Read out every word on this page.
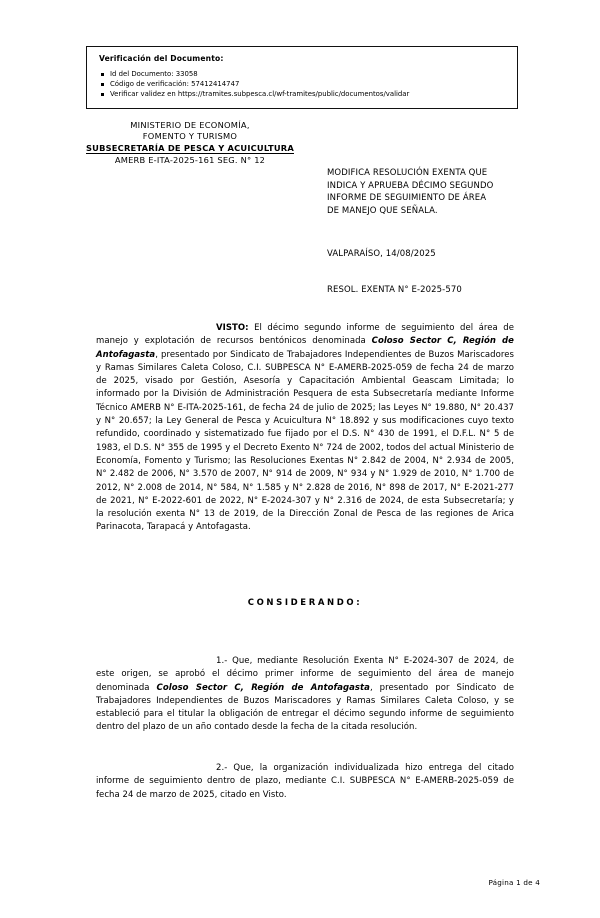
Verificación del Documento:
Id del Documento: 33058
Código de verificación: 57412414747
Verificar validez en https://tramites.subpesca.cl/wf-tramites/public/documentos/validar
MINISTERIO DE ECONOMÍA,
FOMENTO Y TURISMO
SUBSECRETARÍA DE PESCA Y ACUICULTURA
AMERB E-ITA-2025-161 SEG. N° 12
MODIFICA RESOLUCIÓN EXENTA QUE
INDICA Y APRUEBA DÉCIMO SEGUNDO
INFORME DE SEGUIMIENTO DE ÁREA
DE MANEJO QUE SEÑALA.
VALPARAÍSO, 14/08/2025
RESOL. EXENTA N° E-2025-570

VISTO: El décimo segundo informe de seguimiento del área de manejo y explotación de recursos bentónicos denominada Coloso Sector C, Región de Antofagasta, presentado por Sindicato de Trabajadores Independientes de Buzos Mariscadores y Ramas Similares Caleta Coloso, C.I. SUBPESCA N° E-AMERB-2025-059 de fecha 24 de marzo de 2025, visado por Gestión, Asesoría y Capacitación Ambiental Geascam Limitada; lo informado por la División de Administración Pesquera de esta Subsecretaría mediante Informe Técnico AMERB N° E-ITA-2025-161, de fecha 24 de julio de 2025; las Leyes N° 19.880, N° 20.437 y N° 20.657; la Ley General de Pesca y Acuicultura N° 18.892 y sus modificaciones cuyo texto refundido, coordinado y sistematizado fue fijado por el D.S. N° 430 de 1991, el D.F.L. N° 5 de 1983, el D.S. N° 355 de 1995 y el Decreto Exento N° 724 de 2002, todos del actual Ministerio de Economía, Fomento y Turismo; las Resoluciones Exentas N° 2.842 de 2004, N° 2.934 de 2005, N° 2.482 de 2006, N° 3.570 de 2007, N° 914 de 2009, N° 934 y N° 1.929 de 2010, N° 1.700 de 2012, N° 2.008 de 2014, N° 584, N° 1.585 y N° 2.828 de 2016, N° 898 de 2017, N° E-2021-277 de 2021, N° E-2022-601 de 2022, N° E-2024-307 y N° 2.316 de 2024, de esta Subsecretaría; y la resolución exenta N° 13 de 2019, de la Dirección Zonal de Pesca de las regiones de Arica Parinacota, Tarapacá y Antofagasta.

CONSIDERANDO:

1.- Que, mediante Resolución Exenta N° E-2024-307 de 2024, de este origen, se aprobó el décimo primer informe de seguimiento del área de manejo denominada Coloso Sector C, Región de Antofagasta, presentado por Sindicato de Trabajadores Independientes de Buzos Mariscadores y Ramas Similares Caleta Coloso, y se estableció para el titular la obligación de entregar el décimo segundo informe de seguimiento dentro del plazo de un año contado desde la fecha de la citada resolución.

2.- Que, la organización individualizada hizo entrega del citado informe de seguimiento dentro de plazo, mediante C.I. SUBPESCA N° E-AMERB-2025-059 de fecha 24 de marzo de 2025, citado en Visto.

Página 1 de 4
